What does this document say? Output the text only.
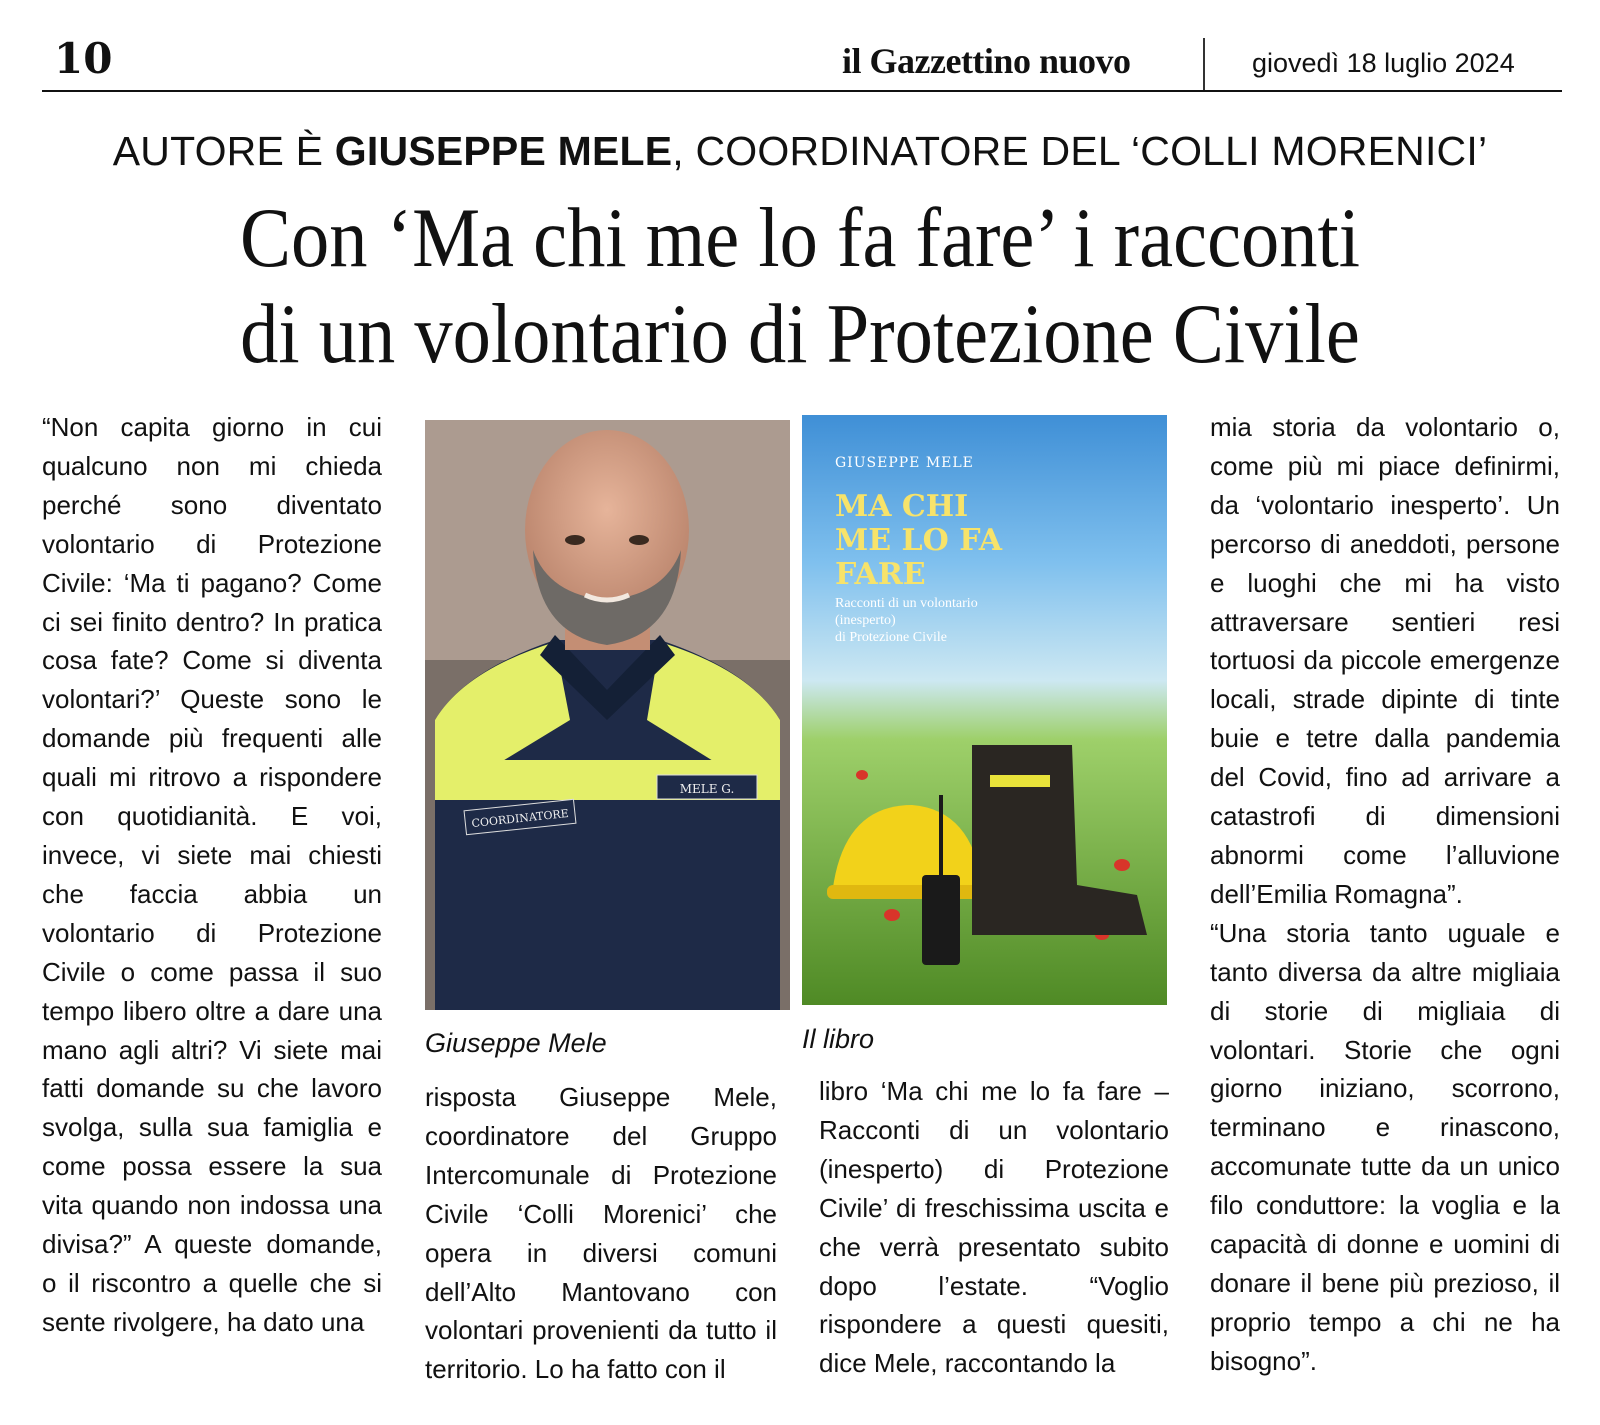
10	il Gazzettino nuovo	giovedì 18 luglio 2024
AUTORE È GIUSEPPE MELE, COORDINATORE DEL ‘COLLI MORENICI’
Con ‘Ma chi me lo fa fare’ i racconti
di un volontario di Protezione Civile

“Non capita giorno in cui qualcuno non mi chieda perché sono diventato volontario di Protezione Civile: ‘Ma ti pagano? Come ci sei finito dentro? In pratica cosa fate? Come si diventa volontari?’ Queste sono le domande più frequenti alle quali mi ritrovo a rispondere con quotidianità. E voi, invece, vi siete mai chiesti che faccia abbia un volontario di Protezione Civile o come passa il suo tempo libero oltre a dare una mano agli altri? Vi siete mai fatti domande su che lavoro svolga, sulla sua famiglia e come possa essere la sua vita quando non indossa una divisa?” A queste domande, o il riscontro a quelle che si sente rivolgere, ha dato una

COORDINATORE
MELE G.
GIUSEPPE MELE
MA CHI
ME LO FA
FARE
Racconti di un volontario
(inesperto)
di Protezione Civile
Giuseppe Mele	Il libro

risposta Giuseppe Mele, coordinatore del Gruppo Intercomunale di Protezione Civile ‘Colli Morenici’ che opera in diversi comuni dell’Alto Mantovano con volontari provenienti da tutto il territorio. Lo ha fatto con il

libro ‘Ma chi me lo fa fare – Racconti di un volontario (inesperto) di Protezione Civile’ di freschissima uscita e che verrà presentato subito dopo l’estate. “Voglio rispondere a questi quesiti, dice Mele, raccontando la

mia storia da volontario o, come più mi piace definirmi, da ‘volontario inesperto’. Un percorso di aneddoti, persone e luoghi che mi ha visto attraversare sentieri resi tortuosi da piccole emergenze locali, strade dipinte di tinte buie e tetre dalla pandemia del Covid, fino ad arrivare a catastrofi di dimensioni abnormi come l’alluvione dell’Emilia Romagna”.

“Una storia tanto uguale e tanto diversa da altre migliaia di storie di migliaia di volontari. Storie che ogni giorno iniziano, scorrono, terminano e rinascono, accomunate tutte da un unico filo conduttore: la voglia e la capacità di donne e uomini di donare il bene più prezioso, il proprio tempo a chi ne ha bisogno”.
